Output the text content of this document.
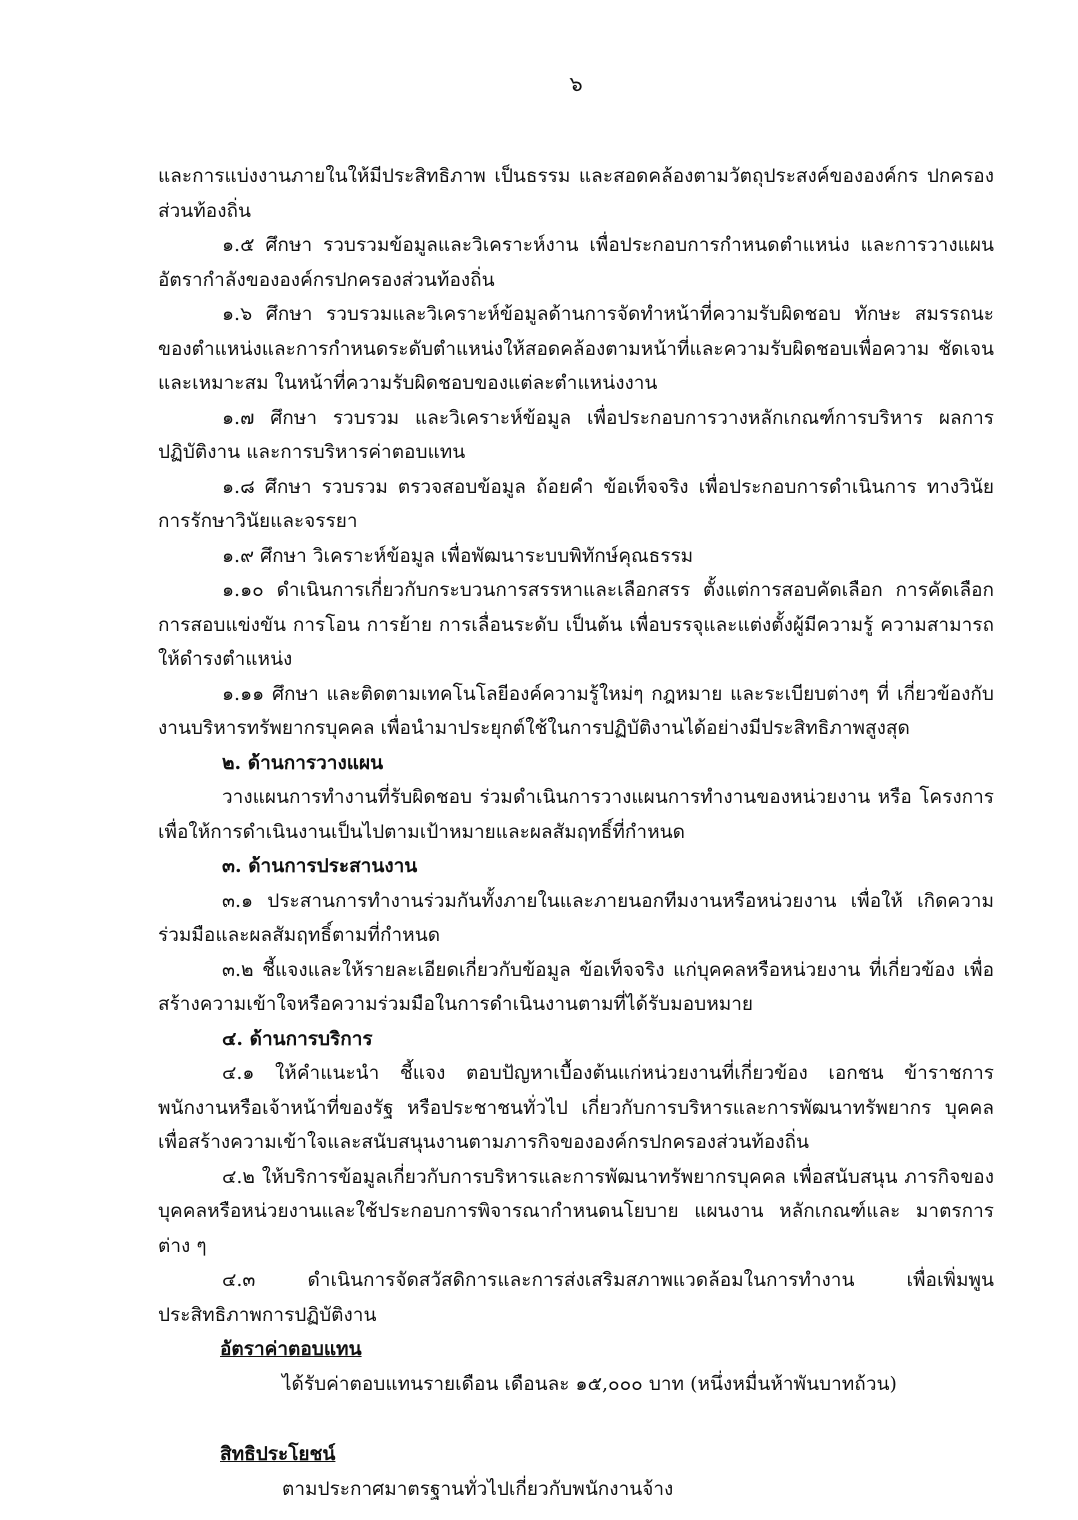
๖

และการแบ่งงานภายในให้มีประสิทธิภาพ เป็นธรรม และสอดคล้องตามวัตถุประสงค์ขององค์กร ปกครองส่วนท้องถิ่น

๑.๕ ศึกษา รวบรวมข้อมูลและวิเคราะห์งาน เพื่อประกอบการกำหนดตำแหน่ง และการวางแผนอัตรากำลังขององค์กรปกครองส่วนท้องถิ่น

๑.๖ ศึกษา รวบรวมและวิเคราะห์ข้อมูลด้านการจัดทำหน้าที่ความรับผิดชอบ ทักษะ สมรรถนะของตำแหน่งและการกำหนดระดับตำแหน่งให้สอดคล้องตามหน้าที่และความรับผิดชอบเพื่อความ ชัดเจนและเหมาะสม ในหน้าที่ความรับผิดชอบของแต่ละตำแหน่งงาน

๑.๗ ศึกษา รวบรวม และวิเคราะห์ข้อมูล เพื่อประกอบการวางหลักเกณฑ์การบริหาร ผลการปฏิบัติงาน และการบริหารค่าตอบแทน

๑.๘ ศึกษา รวบรวม ตรวจสอบข้อมูล ถ้อยคำ ข้อเท็จจริง เพื่อประกอบการดำเนินการ ทางวินัยการรักษาวินัยและจรรยา

๑.๙ ศึกษา วิเคราะห์ข้อมูล เพื่อพัฒนาระบบพิทักษ์คุณธรรม

๑.๑๐ ดำเนินการเกี่ยวกับกระบวนการสรรหาและเลือกสรร ตั้งแต่การสอบคัดเลือก การคัดเลือกการสอบแข่งขัน การโอน การย้าย การเลื่อนระดับ เป็นต้น เพื่อบรรจุและแต่งตั้งผู้มีความรู้ ความสามารถให้ดำรงตำแหน่ง

๑.๑๑ ศึกษา และติดตามเทคโนโลยีองค์ความรู้ใหม่ๆ กฎหมาย และระเบียบต่างๆ ที่ เกี่ยวข้องกับงานบริหารทรัพยากรบุคคล เพื่อนำมาประยุกต์ใช้ในการปฏิบัติงานได้อย่างมีประสิทธิภาพสูงสุด

๒. ด้านการวางแผน

วางแผนการทำงานที่รับผิดชอบ ร่วมดำเนินการวางแผนการทำงานของหน่วยงาน หรือ โครงการ เพื่อให้การดำเนินงานเป็นไปตามเป้าหมายและผลสัมฤทธิ์ที่กำหนด

๓. ด้านการประสานงาน

๓.๑ ประสานการทำงานร่วมกันทั้งภายในและภายนอกทีมงานหรือหน่วยงาน เพื่อให้ เกิดความร่วมมือและผลสัมฤทธิ์ตามที่กำหนด

๓.๒ ชี้แจงและให้รายละเอียดเกี่ยวกับข้อมูล ข้อเท็จจริง แก่บุคคลหรือหน่วยงาน ที่เกี่ยวข้อง เพื่อสร้างความเข้าใจหรือความร่วมมือในการดำเนินงานตามที่ได้รับมอบหมาย

๔. ด้านการบริการ

๔.๑ ให้คำแนะนำ ชี้แจง ตอบปัญหาเบื้องต้นแก่หน่วยงานที่เกี่ยวข้อง เอกชน ข้าราชการ พนักงานหรือเจ้าหน้าที่ของรัฐ หรือประชาชนทั่วไป เกี่ยวกับการบริหารและการพัฒนาทรัพยากร บุคคล เพื่อสร้างความเข้าใจและสนับสนุนงานตามภารกิจขององค์กรปกครองส่วนท้องถิ่น

๔.๒ ให้บริการข้อมูลเกี่ยวกับการบริหารและการพัฒนาทรัพยากรบุคคล เพื่อสนับสนุน ภารกิจของบุคคลหรือหน่วยงานและใช้ประกอบการพิจารณากำหนดนโยบาย แผนงาน หลักเกณฑ์และ มาตรการต่าง ๆ

๔.๓ ดำเนินการจัดสวัสดิการและการส่งเสริมสภาพแวดล้อมในการทำงาน เพื่อเพิ่มพูน ประสิทธิภาพการปฏิบัติงาน

อัตราค่าตอบแทน

ได้รับค่าตอบแทนรายเดือน เดือนละ ๑๕,๐๐๐ บาท (หนึ่งหมื่นห้าพันบาทถ้วน)

สิทธิประโยชน์

ตามประกาศมาตรฐานทั่วไปเกี่ยวกับพนักงานจ้าง
